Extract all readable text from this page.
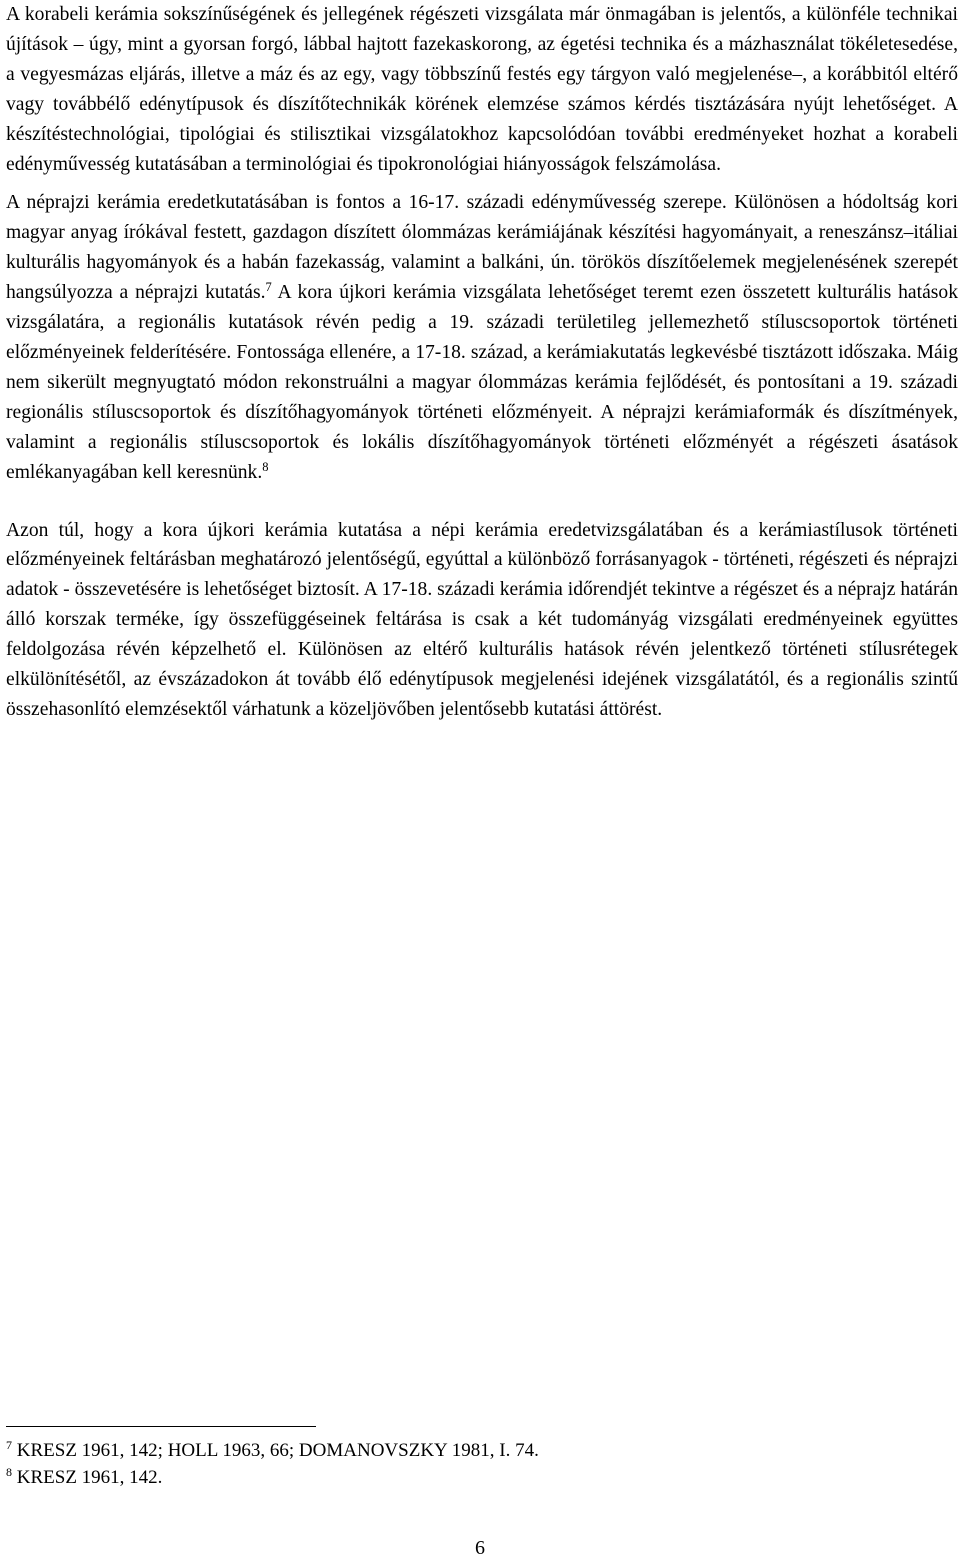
A korabeli kerámia sokszínűségének és jellegének régészeti vizsgálata már önmagában is jelentős, a különféle technikai újítások – úgy, mint a gyorsan forgó, lábbal hajtott fazekaskorong, az égetési technika és a mázhasználat tökéletesedése, a vegyesmázas eljárás, illetve a máz és az egy, vagy többszínű festés egy tárgyon való megjelenése–, a korábbitól eltérő vagy továbbélő edénytípusok és díszítőtechnikák körének elemzése számos kérdés tisztázására nyújt lehetőséget. A készítéstechnológiai, tipológiai és stilisztikai vizsgálatokhoz kapcsolódóan további eredményeket hozhat a korabeli edényművesség kutatásában a terminológiai és tipokronológiai hiányosságok felszámolása.

A néprajzi kerámia eredetkutatásában is fontos a 16-17. századi edényművesség szerepe. Különösen a hódoltság kori magyar anyag írókával festett, gazdagon díszített ólommázas kerámiájának készítési hagyományait, a reneszánsz–itáliai kulturális hagyományok és a habán fazekasság, valamint a balkáni, ún. törökös díszítőelemek megjelenésének szerepét hangsúlyozza a néprajzi kutatás.$^7$ A kora újkori kerámia vizsgálata lehetőséget teremt ezen összetett kulturális hatások vizsgálatára, a regionális kutatások révén pedig a 19. századi területileg jellemezhető stíluscsoportok történeti előzményeinek felderítésére. Fontossága ellenére, a 17-18. század, a kerámiakutatás legkevésbé tisztázott időszaka. Máig nem sikerült megnyugtató módon rekonstruálni a magyar ólommázas kerámia fejlődését, és pontosítani a 19. századi regionális stíluscsoportok és díszítőhagyományok történeti előzményeit. A néprajzi kerámiaformák és díszítmények, valamint a regionális stíluscsoportok és lokális díszítőhagyományok történeti előzményét a régészeti ásatások emlékanyagában kell keresnünk.$^8$

Azon túl, hogy a kora újkori kerámia kutatása a népi kerámia eredetvizsgálatában és a kerámiastílusok történeti előzményeinek feltárásban meghatározó jelentőségű, egyúttal a különböző forrásanyagok - történeti, régészeti és néprajzi adatok - összevetésére is lehetőséget biztosít. A 17-18. századi kerámia időrendjét tekintve a régészet és a néprajz határán álló korszak terméke, így összefüggéseinek feltárása is csak a két tudományág vizsgálati eredményeinek együttes feldolgozása révén képzelhető el. Különösen az eltérő kulturális hatások révén jelentkező történeti stílusrétegek elkülönítésétől, az évszázadokon át tovább élő edénytípusok megjelenési idejének vizsgálatától, és a regionális szintű összehasonlító elemzésektől várhatunk a közeljövőben jelentősebb kutatási áttörést.

$^7$ KRESZ 1961, 142; HOLL 1963, 66; DOMANOVSZKY 1981, I. 74.

$^8$ KRESZ 1961, 142.

6
